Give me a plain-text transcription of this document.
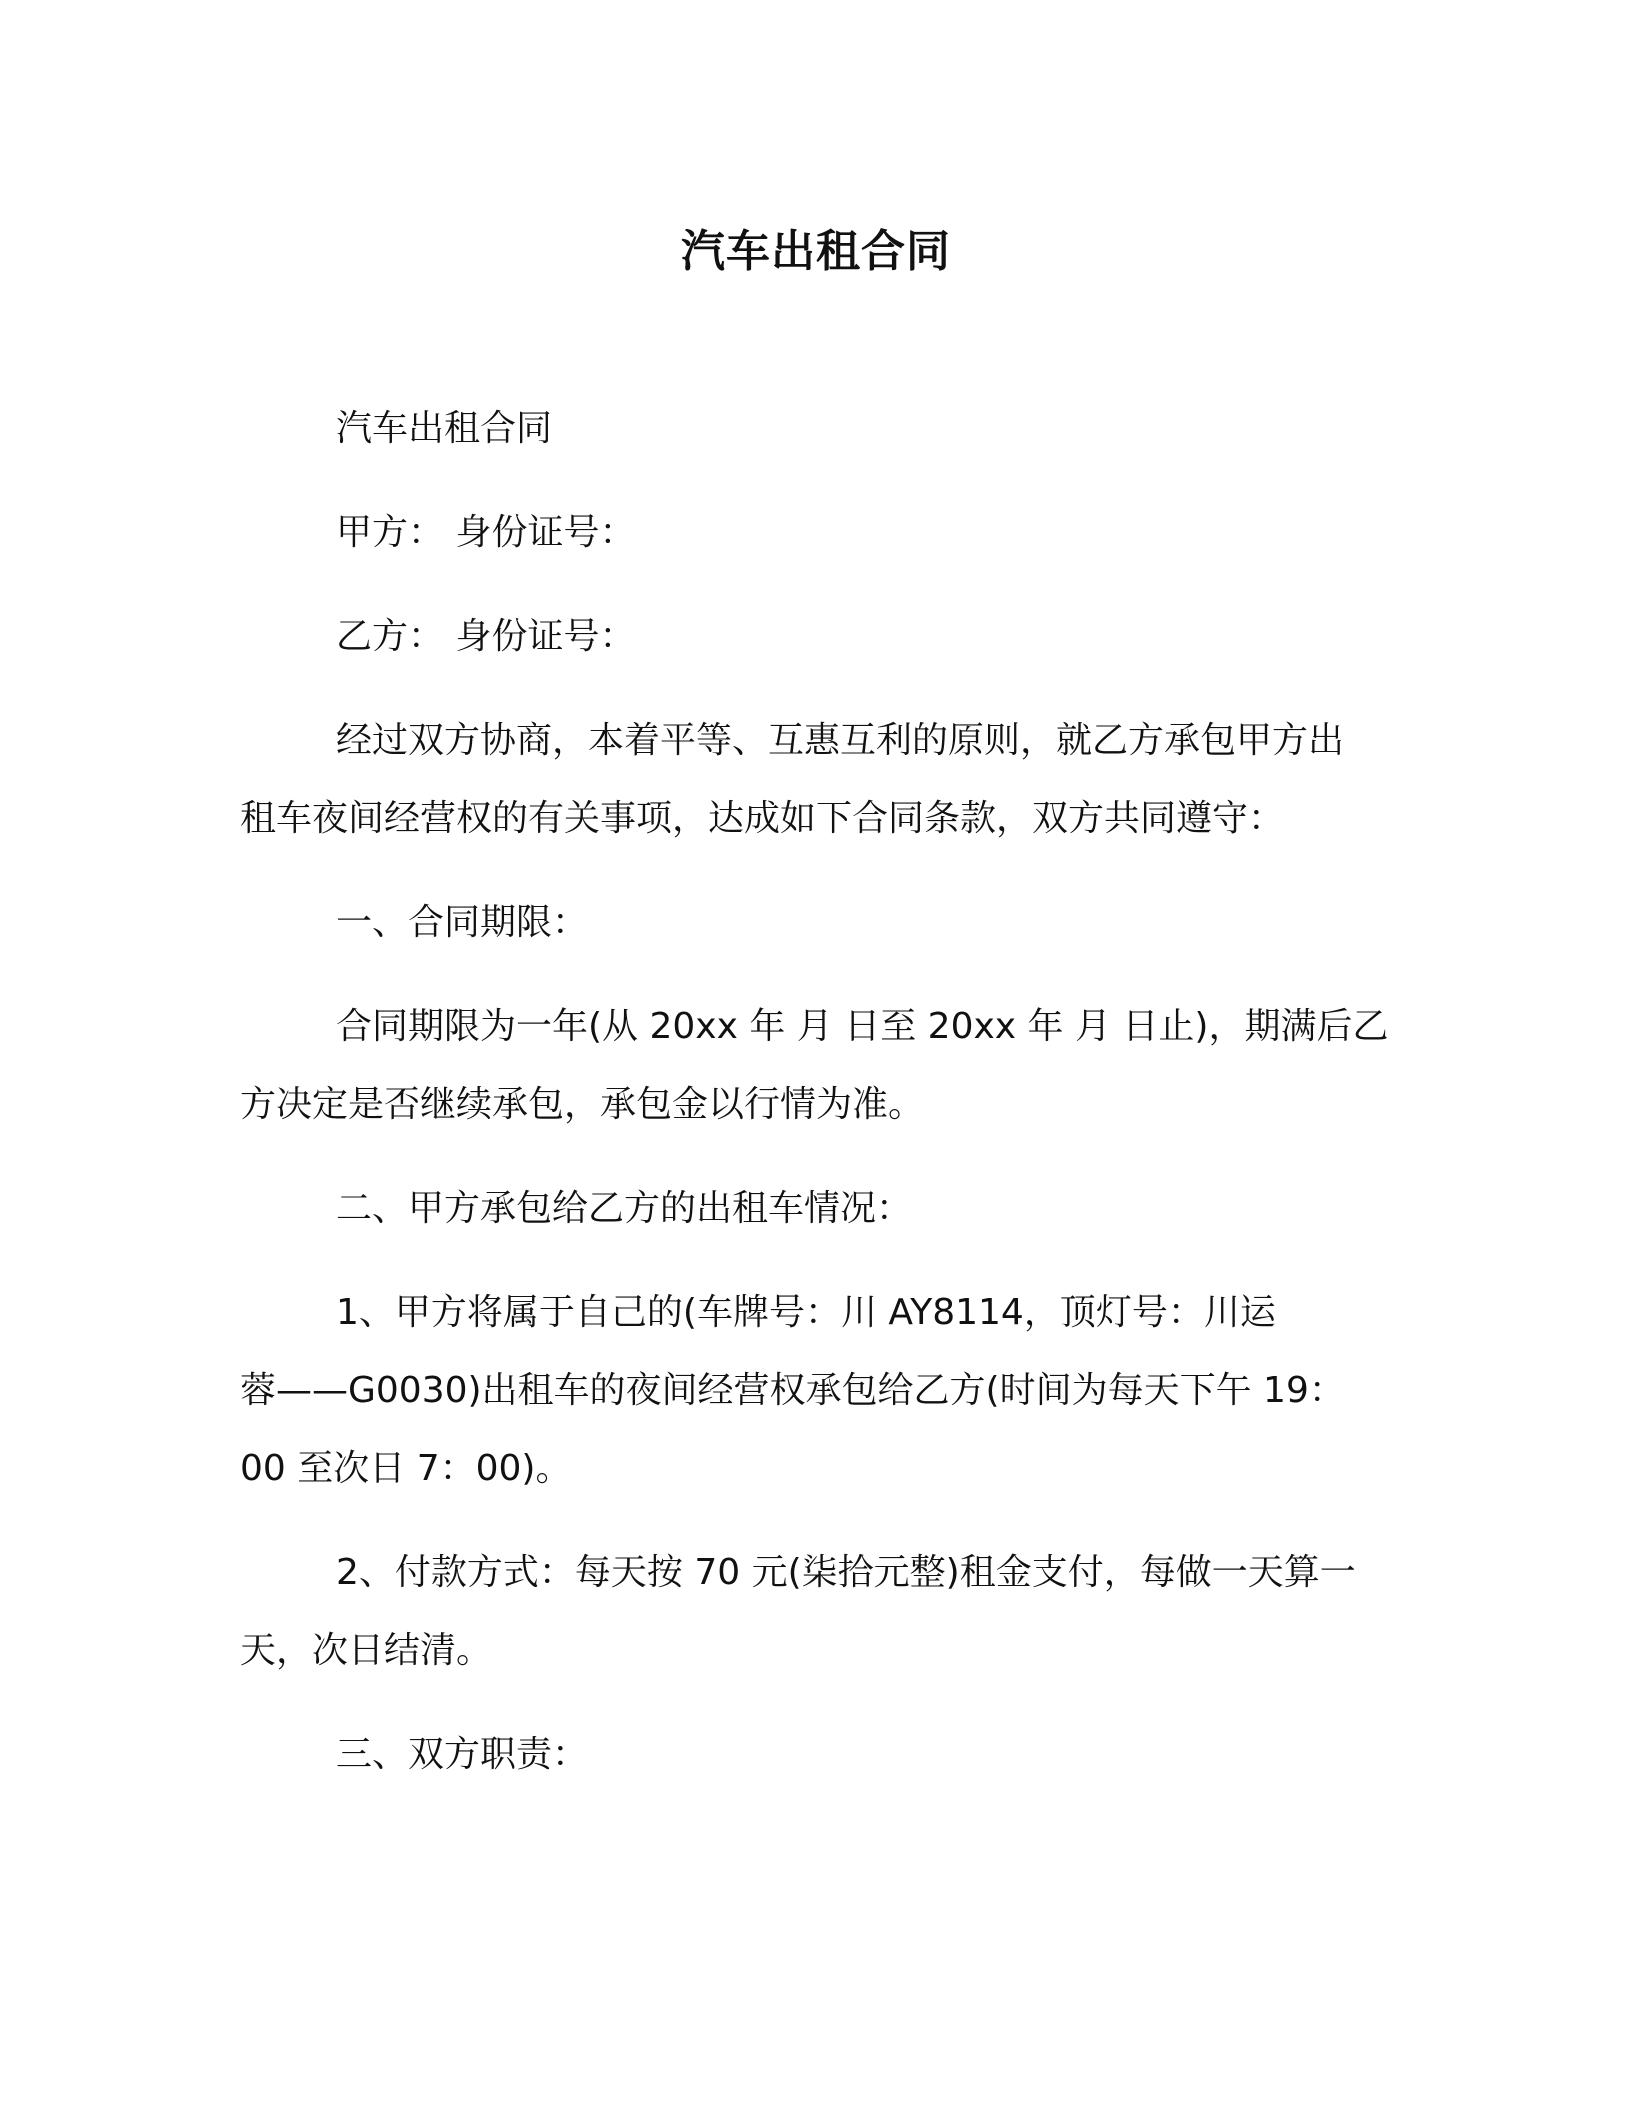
汽车出租合同
汽车出租合同
甲方： 身份证号：
乙方： 身份证号：
经过双方协商，本着平等、互惠互利的原则，就乙方承包甲方出
租车夜间经营权的有关事项，达成如下合同条款，双方共同遵守：
一、合同期限：
合同期限为一年(从 20xx 年 月 日至 20xx 年 月 日止)，期满后乙
方决定是否继续承包，承包金以行情为准。
二、甲方承包给乙方的出租车情况：
1、甲方将属于自己的(车牌号：川 AY8114，顶灯号：川运
蓉——G0030)出租车的夜间经营权承包给乙方(时间为每天下午 19：
00 至次日 7：00)。
2、付款方式：每天按 70 元(柒拾元整)租金支付，每做一天算一
天，次日结清。
三、双方职责：
